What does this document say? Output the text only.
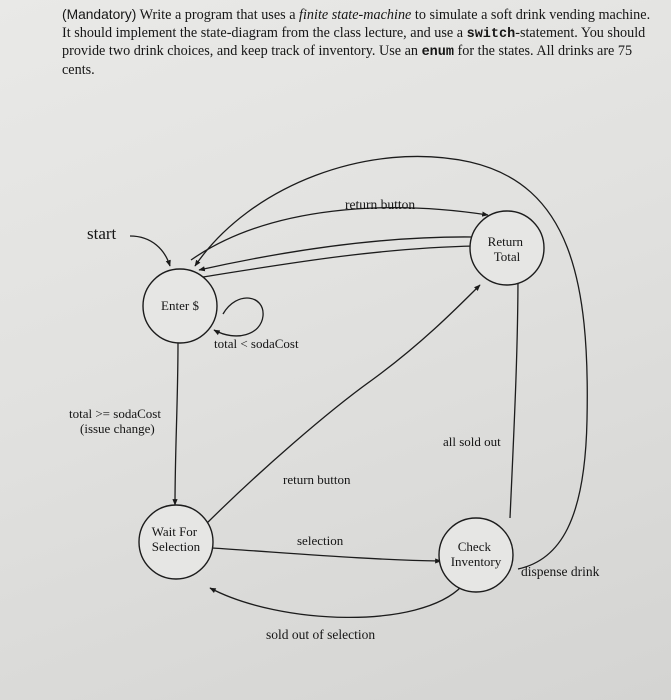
(Mandatory) Write a program that uses a finite state-machine to simulate a soft drink vending machine. It should implement the state-diagram from the class lecture, and use a switch-statement. You should provide two drink choices, and keep track of inventory. Use an enum for the states. All drinks are 75 cents.

start
Enter $
Return Total
Wait For Selection	Check Inventory
return button
total < sodaCost
total >= sodaCost (issue change)
all sold out
return button
selection
dispense drink
sold out of selection
